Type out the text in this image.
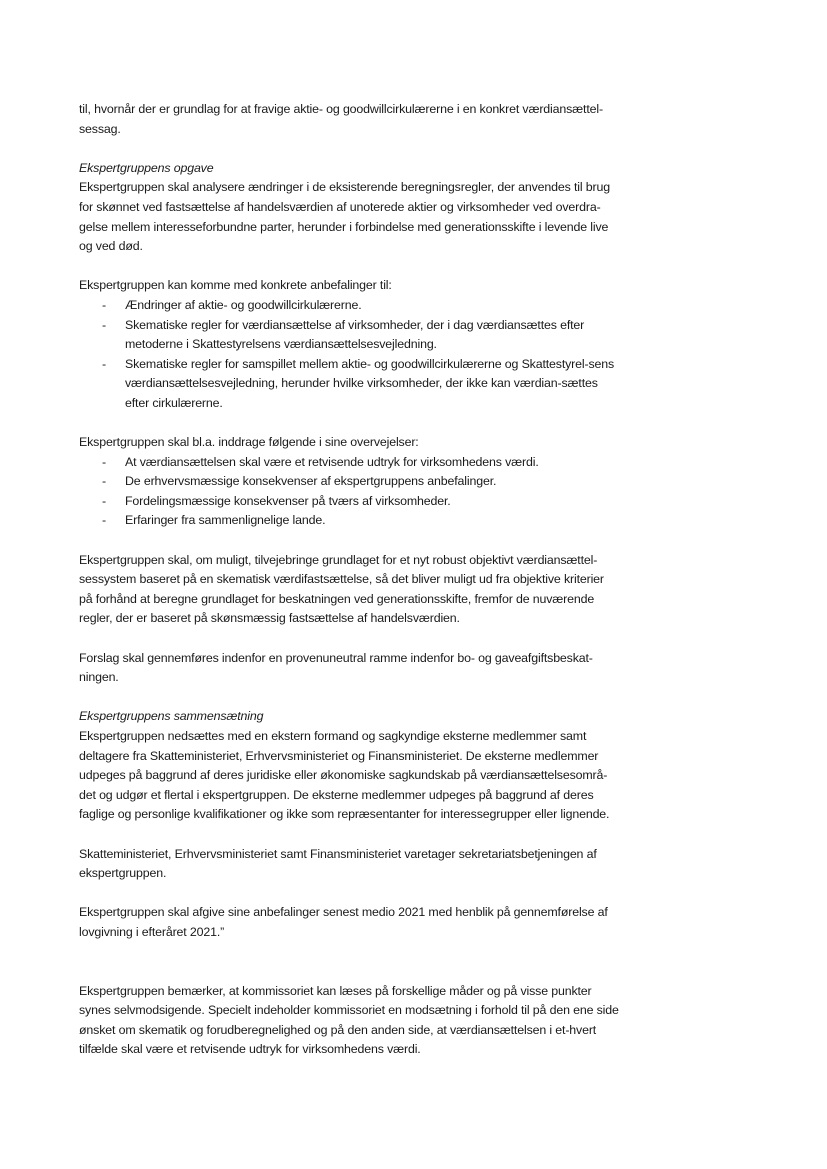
til, hvornår der er grundlag for at fravige aktie- og goodwillcirkulærerne i en konkret værdiansættel-sessag.

Ekspertgruppens opgave

Ekspertgruppen skal analysere ændringer i de eksisterende beregningsregler, der anvendes til brug for skønnet ved fastsættelse af handelsværdien af unoterede aktier og virksomheder ved overdra-gelse mellem interesseforbundne parter, herunder i forbindelse med generationsskifte i levende live og ved død.

Ekspertgruppen kan komme med konkrete anbefalinger til:

- Ændringer af aktie- og goodwillcirkulærerne.
- Skematiske regler for værdiansættelse af virksomheder, der i dag værdiansættes efter metoderne i Skattestyrelsens værdiansættelsesvejledning.
- Skematiske regler for samspillet mellem aktie- og goodwillcirkulærerne og Skattestyrel-sens værdiansættelsesvejledning, herunder hvilke virksomheder, der ikke kan værdian-sættes efter cirkulærerne.

Ekspertgruppen skal bl.a. inddrage følgende i sine overvejelser:

- At værdiansættelsen skal være et retvisende udtryk for virksomhedens værdi.
- De erhvervsmæssige konsekvenser af ekspertgruppens anbefalinger.
- Fordelingsmæssige konsekvenser på tværs af virksomheder.
- Erfaringer fra sammenlignelige lande.

Ekspertgruppen skal, om muligt, tilvejebringe grundlaget for et nyt robust objektivt værdiansættel-sessystem baseret på en skematisk værdifastsættelse, så det bliver muligt ud fra objektive kriterier på forhånd at beregne grundlaget for beskatningen ved generationsskifte, fremfor de nuværende regler, der er baseret på skønsmæssig fastsættelse af handelsværdien.

Forslag skal gennemføres indenfor en provenuneutral ramme indenfor bo- og gaveafgiftsbeskat-ningen.

Ekspertgruppens sammensætning

Ekspertgruppen nedsættes med en ekstern formand og sagkyndige eksterne medlemmer samt deltagere fra Skatteministeriet, Erhvervsministeriet og Finansministeriet. De eksterne medlemmer udpeges på baggrund af deres juridiske eller økonomiske sagkundskab på værdiansættelsesområ-det og udgør et flertal i ekspertgruppen. De eksterne medlemmer udpeges på baggrund af deres faglige og personlige kvalifikationer og ikke som repræsentanter for interessegrupper eller lignende.

Skatteministeriet, Erhvervsministeriet samt Finansministeriet varetager sekretariatsbetjeningen af ekspertgruppen.

Ekspertgruppen skal afgive sine anbefalinger senest medio 2021 med henblik på gennemførelse af lovgivning i efteråret 2021.”

Ekspertgruppen bemærker, at kommissoriet kan læses på forskellige måder og på visse punkter synes selvmodsigende. Specielt indeholder kommissoriet en modsætning i forhold til på den ene side ønsket om skematik og forudberegnelighed og på den anden side, at værdiansættelsen i et-hvert tilfælde skal være et retvisende udtryk for virksomhedens værdi.
